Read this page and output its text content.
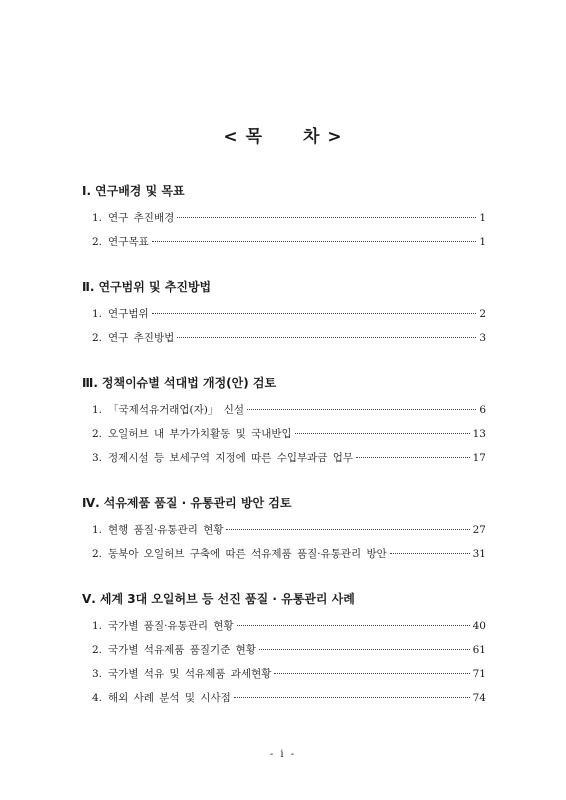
< 목 차 >
Ⅰ. 연구배경 및 목표
1. 연구 추진배경	1
2. 연구목표	1
Ⅱ. 연구범위 및 추진방법
1. 연구범위	2
2. 연구 추진방법	3
Ⅲ. 정책이슈별 석대법 개정(안) 검토
1. 「국제석유거래업(자)」 신설	6
2. 오일허브 내 부가가치활동 및 국내반입	13
3. 정제시설 등 보세구역 지정에 따른 수입부과금 업무	17
Ⅳ. 석유제품 품질 · 유통관리 방안 검토
1. 현행 품질·유통관리 현황	27
2. 동북아 오일허브 구축에 따른 석유제품 품질·유통관리 방안	31
Ⅴ. 세계 3대 오일허브 등 선진 품질 · 유통관리 사례
1. 국가별 품질·유통관리 현황	40
2. 국가별 석유제품 품질기준 현황	61
3. 국가별 석유 및 석유제품 과세현황	71
4. 해외 사례 분석 및 시사점	74
- i -
